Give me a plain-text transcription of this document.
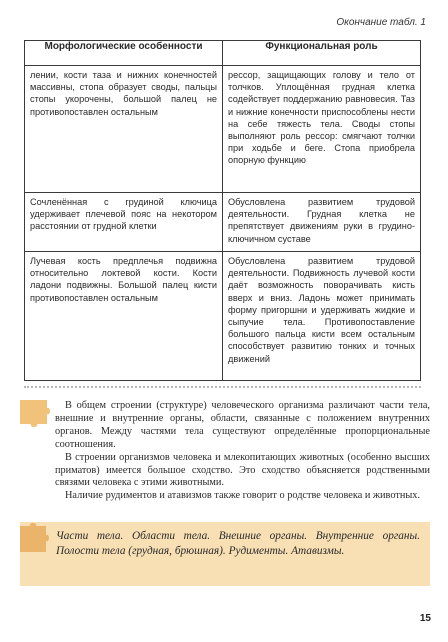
Окончание табл. 1
Морфологические особенности	Функциональная роль
лении, кости таза и нижних конечностей массивны, стопа образует своды, пальцы стопы укорочены, большой палец не противопоставлен остальным	рессор, защищающих голову и тело от толчков. Уплощённая грудная клетка содействует поддержанию равновесия. Таз и нижние конечности приспособлены нести на себе тяжесть тела. Своды стопы выполняют роль рессор: смягчают толчки при ходьбе и беге. Стопа приобрела опорную функцию
Сочленённая с грудиной ключица удерживает плечевой пояс на некотором расстоянии от грудной клетки	Обусловлена развитием трудовой деятельности. Грудная клетка не препятствует движениям руки в грудино-ключичном суставе
Лучевая кость предплечья подвижна относительно локтевой кости. Кости ладони подвижны. Большой палец кисти противопоставлен остальным	Обусловлена развитием трудовой деятельности. Подвижность лучевой кости даёт возможность поворачивать кисть вверх и вниз. Ладонь может принимать форму пригоршни и удерживать жидкие и сыпучие тела. Противопоставление большого пальца кисти всем остальным способствует развитию тонких и точных движений

В общем строении (структуре) человеческого организма различают части тела, внешние и внутренние органы, области, связанные с положением внутренних органов. Между частями тела существуют определённые пропорциональные соотношения.

В строении организмов человека и млекопитающих животных (особенно высших приматов) имеется большое сходство. Это сходство объясняется родственными связями человека с этими животными.

Наличие рудиментов и атавизмов также говорит о родстве человека и животных.

Части тела. Области тела. Внешние органы. Внутренние органы. Полости тела (грудная, брюшная). Рудименты. Атавизмы.
15
